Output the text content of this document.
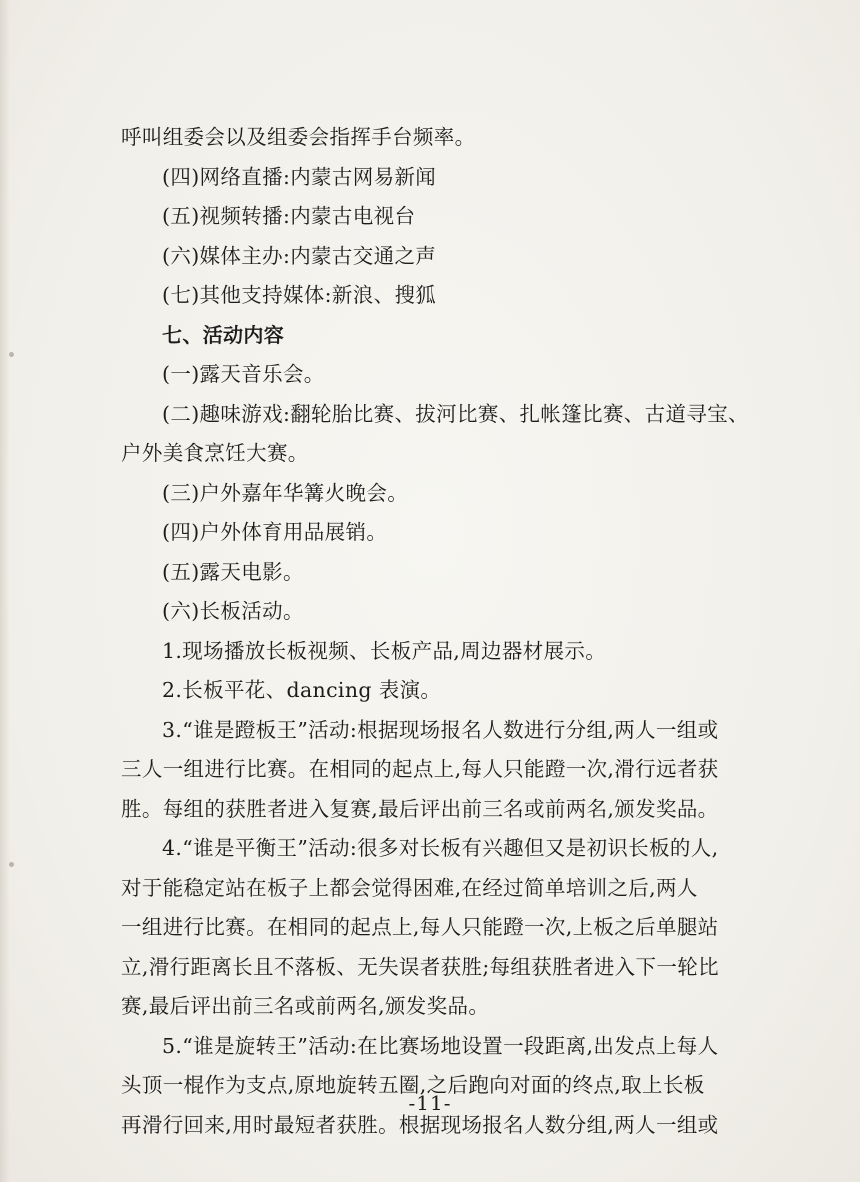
呼叫组委会以及组委会指挥手台频率。
(四)网络直播:内蒙古网易新闻
(五)视频转播:内蒙古电视台
(六)媒体主办:内蒙古交通之声
(七)其他支持媒体:新浪、搜狐
七、活动内容
(一)露天音乐会。
(二)趣味游戏:翻轮胎比赛、拔河比赛、扎帐篷比赛、古道寻宝、
户外美食烹饪大赛。
(三)户外嘉年华篝火晚会。
(四)户外体育用品展销。
(五)露天电影。
(六)长板活动。
1.现场播放长板视频、长板产品,周边器材展示。
2.长板平花、dancing 表演。
3.“谁是蹬板王”活动:根据现场报名人数进行分组,两人一组或
三人一组进行比赛。在相同的起点上,每人只能蹬一次,滑行远者获
胜。每组的获胜者进入复赛,最后评出前三名或前两名,颁发奖品。
4.“谁是平衡王”活动:很多对长板有兴趣但又是初识长板的人,
对于能稳定站在板子上都会觉得困难,在经过简单培训之后,两人
一组进行比赛。在相同的起点上,每人只能蹬一次,上板之后单腿站
立,滑行距离长且不落板、无失误者获胜;每组获胜者进入下一轮比
赛,最后评出前三名或前两名,颁发奖品。
5.“谁是旋转王”活动:在比赛场地设置一段距离,出发点上每人
头顶一棍作为支点,原地旋转五圈,之后跑向对面的终点,取上长板
再滑行回来,用时最短者获胜。根据现场报名人数分组,两人一组或
-11-
